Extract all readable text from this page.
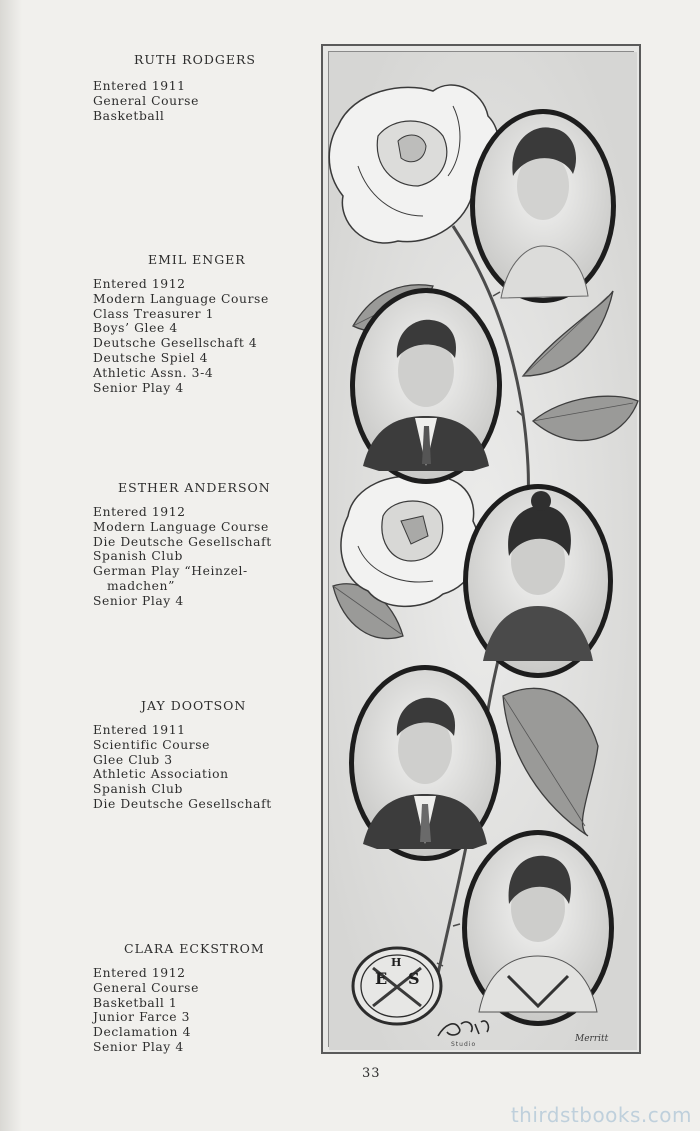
RUTH RODGERS
Entered 1911
General Course
Basketball
EMIL ENGER
Entered 1912
Modern Language Course
Class Treasurer 1
Boys’ Glee 4
Deutsche Gesellschaft 4
Deutsche Spiel 4
Athletic Assn. 3-4
Senior Play 4
ESTHER ANDERSON
Entered 1912
Modern Language Course
Die Deutsche Gesellschaft
Spanish Club
German Play “Heinzel-
madchen”
Senior Play 4
JAY DOOTSON
Entered 1911
Scientific Course
Glee Club 3
Athletic Association
Spanish Club
Die Deutsche Gesellschaft
CLARA ECKSTROM
Entered 1912
General Course
Basketball 1
Junior Farce 3
Declamation 4
Senior Play 4
E
H
S
Studio
Merritt
33
thirdstbooks.com
